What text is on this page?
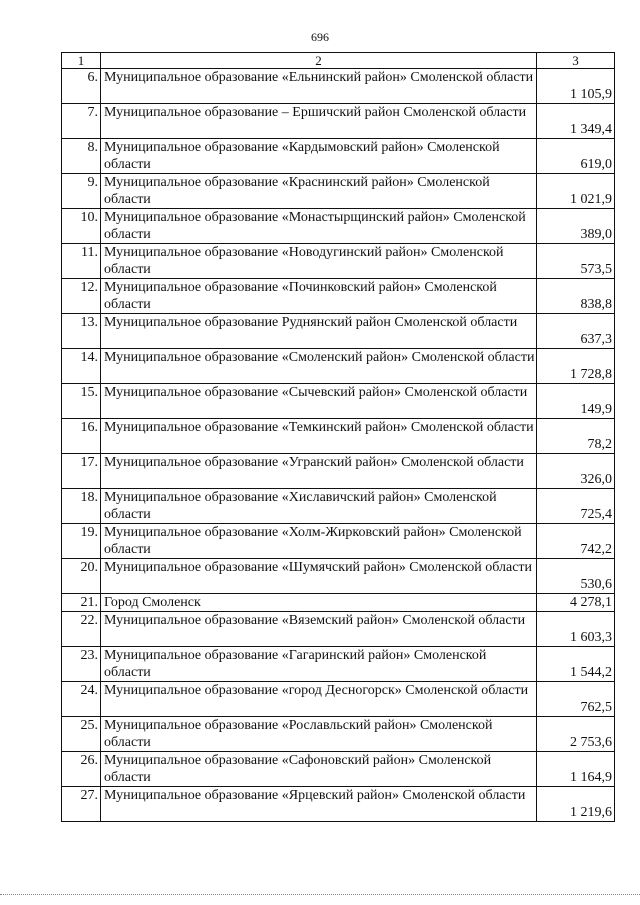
696
1	2	3
6.	Муниципальное образование «Ельнинский район» Смоленской области	1 105,9
7.	Муниципальное образование – Ершичский район Смоленской области	1 349,4
8.	Муниципальное образование «Кардымовский район» Смоленской области	619,0
9.	Муниципальное образование «Краснинский район» Смоленской области	1 021,9
10.	Муниципальное образование «Монастырщинский район» Смоленской области	389,0
11.	Муниципальное образование «Новодугинский район» Смоленской области	573,5
12.	Муниципальное образование «Починковский район» Смоленской области	838,8
13.	Муниципальное образование Руднянский район Смоленской области	637,3
14.	Муниципальное образование «Смоленский район» Смоленской области	1 728,8
15.	Муниципальное образование «Сычевский район» Смоленской области	149,9
16.	Муниципальное образование «Темкинский район» Смоленской области	78,2
17.	Муниципальное образование «Угранский район» Смоленской области	326,0
18.	Муниципальное образование «Хиславичский район» Смоленской области	725,4
19.	Муниципальное образование «Холм-Жирковский район» Смоленской области	742,2
20.	Муниципальное образование «Шумячский район» Смоленской области	530,6
21.	Город Смоленск	4 278,1
22.	Муниципальное образование «Вяземский район» Смоленской области	1 603,3
23.	Муниципальное образование «Гагаринский район» Смоленской области	1 544,2
24.	Муниципальное образование «город Десногорск» Смоленской области	762,5
25.	Муниципальное образование «Рославльский район» Смоленской области	2 753,6
26.	Муниципальное образование «Сафоновский район» Смоленской области	1 164,9
27.	Муниципальное образование «Ярцевский район» Смоленской области	1 219,6
